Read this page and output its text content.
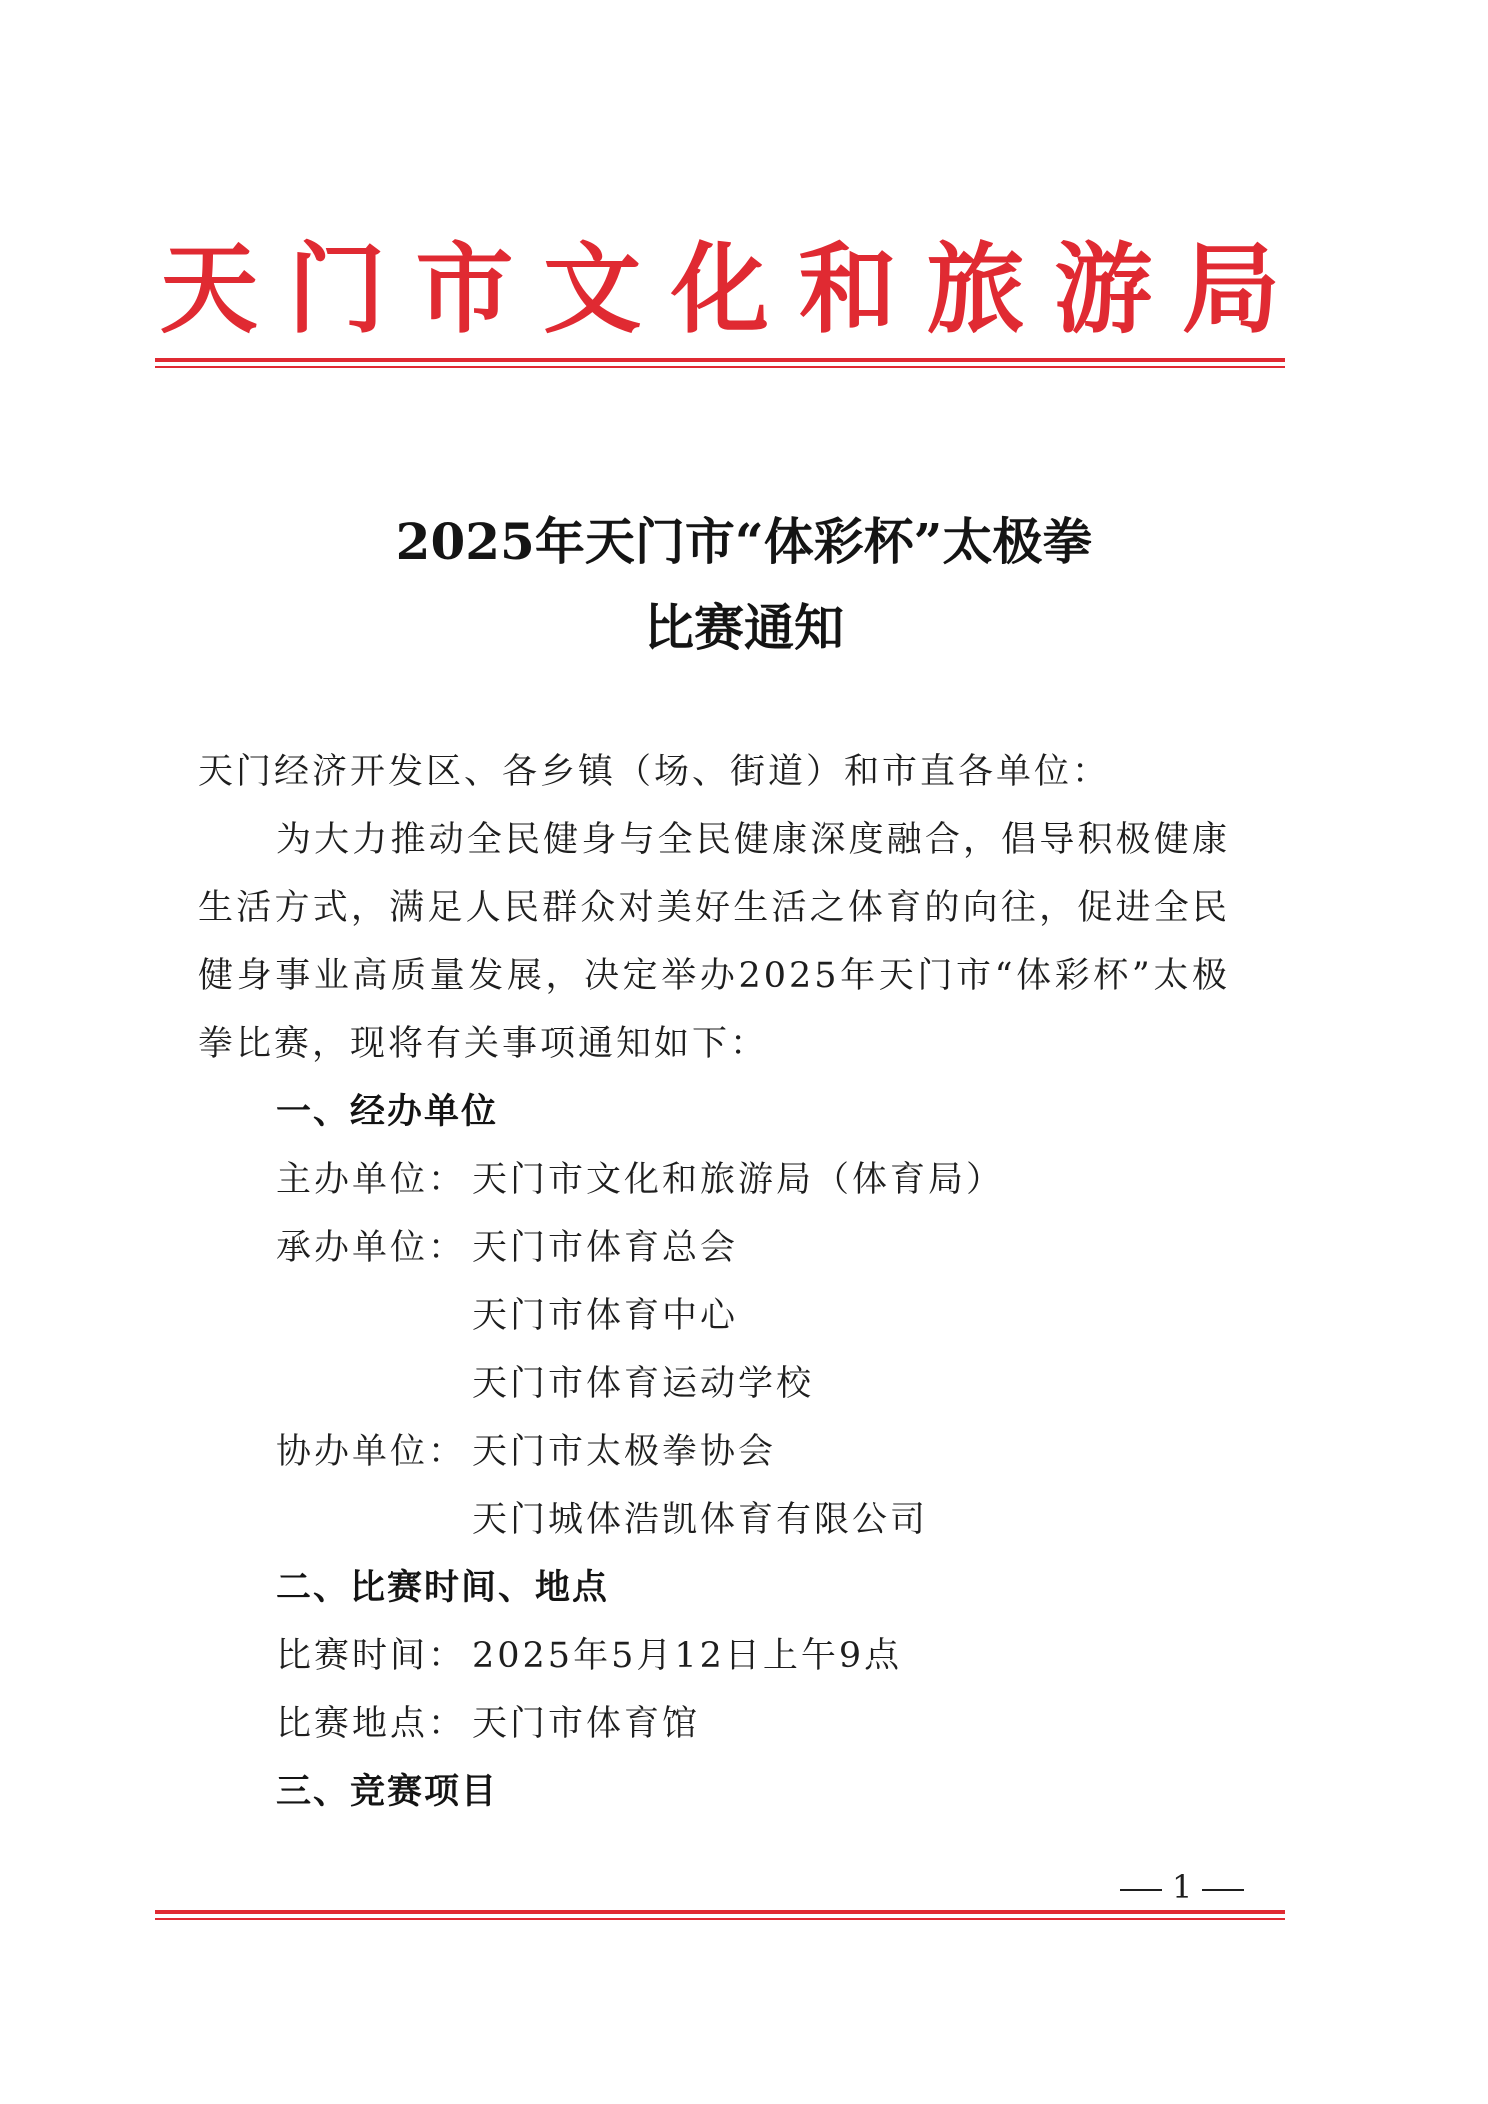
天 门 市 文 化 和 旅 游 局
2025年天门市“体彩杯”太极拳
比赛通知
天门经济开发区、各乡镇（场、街道）和市直各单位：

为大力推动全民健身与全民健康深度融合，倡导积极健康生活方式，满足人民群众对美好生活之体育的向往，促进全民健身事业高质量发展，决定举办2025年天门市“体彩杯”太极拳比赛，现将有关事项通知如下：

一、经办单位
主办单位： 天门市文化和旅游局（体育局）
承办单位： 天门市体育总会
天门市体育中心
天门市体育运动学校
协办单位： 天门市太极拳协会
天门城体浩凯体育有限公司
二、比赛时间、地点
比赛时间： 2025年5月12日上午9点
比赛地点： 天门市体育馆
三、竞赛项目
1
